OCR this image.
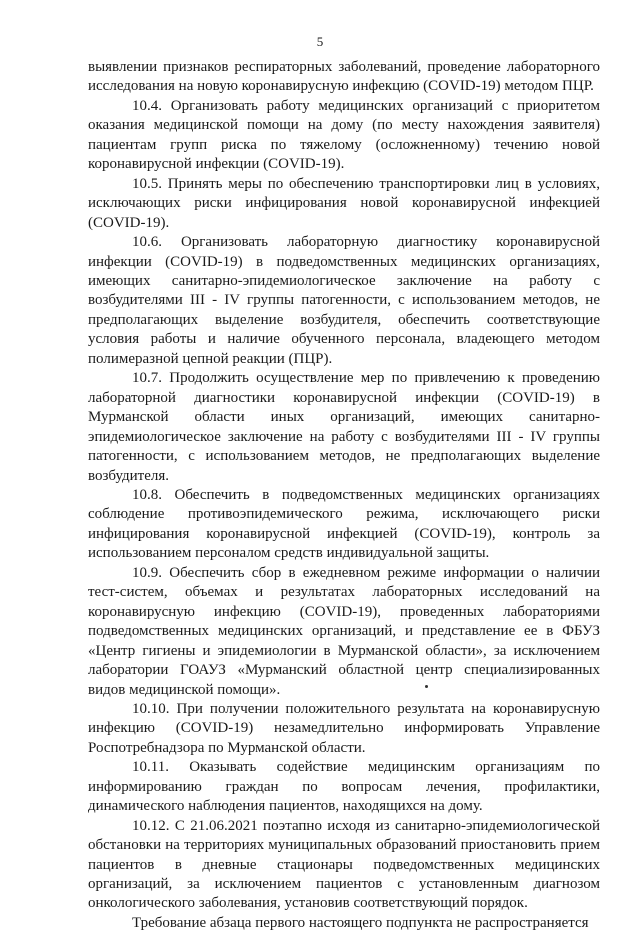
5

выявлении признаков респираторных заболеваний, проведение лабораторного исследования на новую коронавирусную инфекцию (COVID-19) методом ПЦР.

10.4. Организовать работу медицинских организаций с приоритетом оказания медицинской помощи на дому (по месту нахождения заявителя) пациентам групп риска по тяжелому (осложненному) течению новой коронавирусной инфекции (COVID-19).

10.5. Принять меры по обеспечению транспортировки лиц в условиях, исключающих риски инфицирования новой коронавирусной инфекцией (COVID-19).

10.6. Организовать лабораторную диагностику коронавирусной инфекции (COVID-19) в подведомственных медицинских организациях, имеющих санитарно-эпидемиологическое заключение на работу с возбудителями III - IV группы патогенности, с использованием методов, не предполагающих выделение возбудителя, обеспечить соответствующие условия работы и наличие обученного персонала, владеющего методом полимеразной цепной реакции (ПЦР).

10.7. Продолжить осуществление мер по привлечению к проведению лабораторной диагностики коронавирусной инфекции (COVID-19) в Мурманской области иных организаций, имеющих санитарно-эпидемиологическое заключение на работу с возбудителями III - IV группы патогенности, с использованием методов, не предполагающих выделение возбудителя.

10.8. Обеспечить в подведомственных медицинских организациях соблюдение противоэпидемического режима, исключающего риски инфицирования коронавирусной инфекцией (COVID-19), контроль за использованием персоналом средств индивидуальной защиты.

10.9. Обеспечить сбор в ежедневном режиме информации о наличии тест-систем, объемах и результатах лабораторных исследований на коронавирусную инфекцию (COVID-19), проведенных лабораториями подведомственных медицинских организаций, и представление ее в ФБУЗ «Центр гигиены и эпидемиологии в Мурманской области», за исключением лаборатории ГОАУЗ «Мурманский областной центр специализированных видов медицинской помощи».

10.10. При получении положительного результата на коронавирусную инфекцию (COVID-19) незамедлительно информировать Управление Роспотребнадзора по Мурманской области.

10.11. Оказывать содействие медицинским организациям по информированию граждан по вопросам лечения, профилактики, динамического наблюдения пациентов, находящихся на дому.

10.12. С 21.06.2021 поэтапно исходя из санитарно-эпидемиологической обстановки на территориях муниципальных образований приостановить прием пациентов в дневные стационары подведомственных медицинских организаций, за исключением пациентов с установленным диагнозом онкологического заболевания, установив соответствующий порядок.

Требование абзаца первого настоящего подпункта не распространяется
